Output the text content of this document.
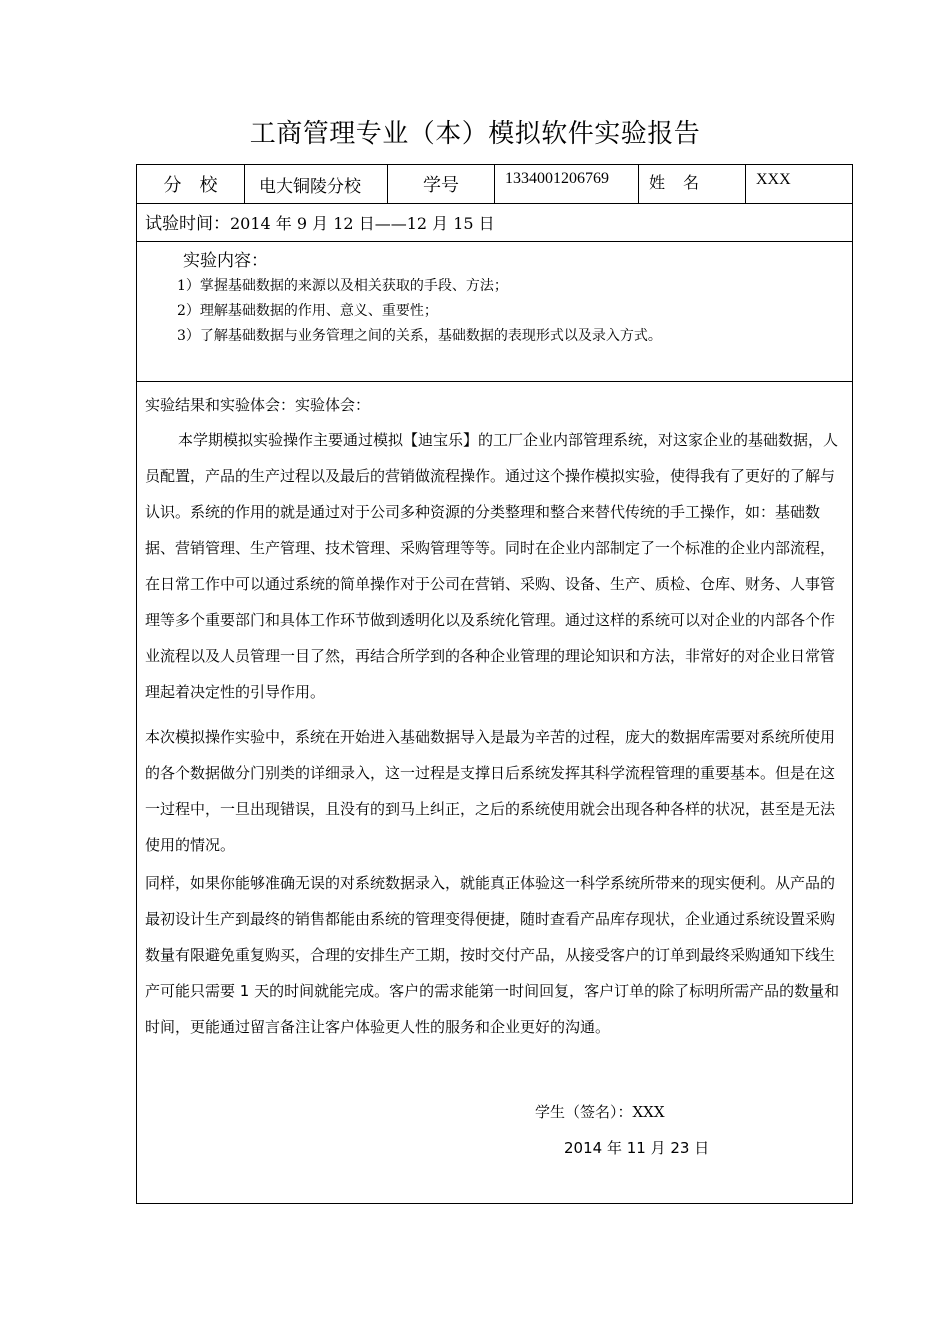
工商管理专业（本）模拟软件实验报告
分校	电大铜陵分校	学号	1334001206769	姓名	XXX
试验时间：2014 年 9 月 12 日——12 月 15 日
实验内容：
1）掌握基础数据的来源以及相关获取的手段、方法；
2）理解基础数据的作用、意义、重要性；
3）了解基础数据与业务管理之间的关系，基础数据的表现形式以及录入方式。
实验结果和实验体会：实验体会：
本学期模拟实验操作主要通过模拟【迪宝乐】的工厂企业内部管理系统，对这家企业的基础数据，人员配置，产品的生产过程以及最后的营销做流程操作。通过这个操作模拟实验，使得我有了更好的了解与认识。系统的作用的就是通过对于公司多种资源的分类整理和整合来替代传统的手工操作，如：基础数据、营销管理、生产管理、技术管理、采购管理等等。同时在企业内部制定了一个标准的企业内部流程，在日常工作中可以通过系统的简单操作对于公司在营销、采购、设备、生产、质检、仓库、财务、人事管理等多个重要部门和具体工作环节做到透明化以及系统化管理。通过这样的系统可以对企业的内部各个作业流程以及人员管理一目了然，再结合所学到的各种企业管理的理论知识和方法，非常好的对企业日常管理起着决定性的引导作用。
本次模拟操作实验中，系统在开始进入基础数据导入是最为辛苦的过程，庞大的数据库需要对系统所使用的各个数据做分门别类的详细录入，这一过程是支撑日后系统发挥其科学流程管理的重要基本。但是在这一过程中，一旦出现错误，且没有的到马上纠正，之后的系统使用就会出现各种各样的状况，甚至是无法使用的情况。
同样，如果你能够准确无误的对系统数据录入，就能真正体验这一科学系统所带来的现实便利。从产品的最初设计生产到最终的销售都能由系统的管理变得便捷，随时查看产品库存现状，企业通过系统设置采购数量有限避免重复购买，合理的安排生产工期，按时交付产品，从接受客户的订单到最终采购通知下线生产可能只需要 1 天的时间就能完成。客户的需求能第一时间回复，客户订单的除了标明所需产品的数量和时间，更能通过留言备注让客户体验更人性的服务和企业更好的沟通。
学生（签名）：XXX
2014 年 11 月 23 日
